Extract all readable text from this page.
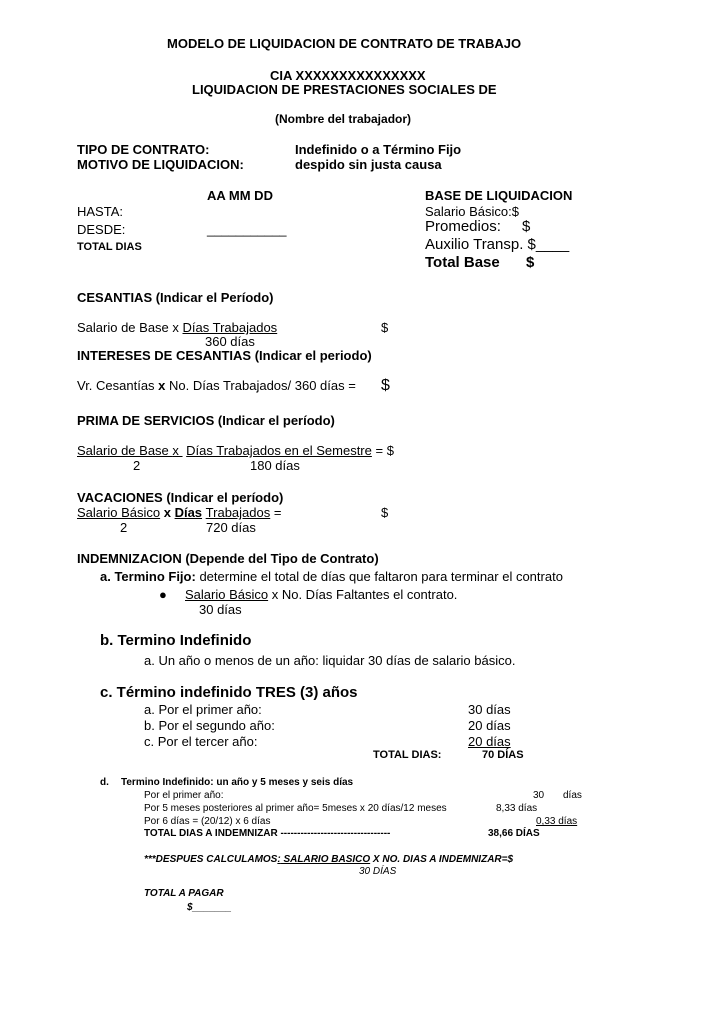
MODELO DE LIQUIDACION DE CONTRATO DE TRABAJO
CIA XXXXXXXXXXXXXXX
LIQUIDACION DE PRESTACIONES SOCIALES DE
(Nombre del trabajador)
TIPO DE CONTRATO:	Indefinido o a Término Fijo
MOTIVO DE LIQUIDACION:	despido sin justa causa
AA MM DD	BASE DE LIQUIDACION
HASTA:	Salario Básico:$
DESDE:	___________	Promedios: $
TOTAL DIAS	Auxilio Transp. $____
Total Base $
CESANTIAS (Indicar el Período)
Salario de Base x Días Trabajados	$
360 días
INTERESES DE CESANTIAS (Indicar el periodo)
Vr. Cesantías x No. Días Trabajados/ 360 días = $
PRIMA DE SERVICIOS (Indicar el período)
Salario de Base x  Días Trabajados en el Semestre = $
2	180 días
VACACIONES (Indicar el período)
Salario Básico x Días Trabajados =	$
2	720 días
INDEMNIZACION (Depende del Tipo de Contrato)
a. Termino Fijo: determine el total de días que faltaron para terminar el contrato
● Salario Básico x No. Días Faltantes el contrato.
30 días
b. Termino Indefinido
a. Un año o menos de un año: liquidar 30 días de salario básico.
c. Término indefinido TRES (3) años
a. Por el primer año:	30 días
b. Por el segundo año:	20 días
c. Por el tercer año:	20 días
TOTAL DIAS:	70 DÍAS
d. Termino Indefinido: un año y 5 meses y seis días
Por el primer año:	30 días
Por 5 meses posteriores al primer año= 5meses x 20 días/12 meses	8,33 días
Por 6 días = (20/12) x 6 días	0,33 días
TOTAL DIAS A INDEMNIZAR ---------------------------------	38,66 DÍAS
***DESPUES CALCULAMOS: SALARIO BASICO X NO. DIAS A INDEMNIZAR=$
30 DÍAS
TOTAL A PAGAR
$_______
